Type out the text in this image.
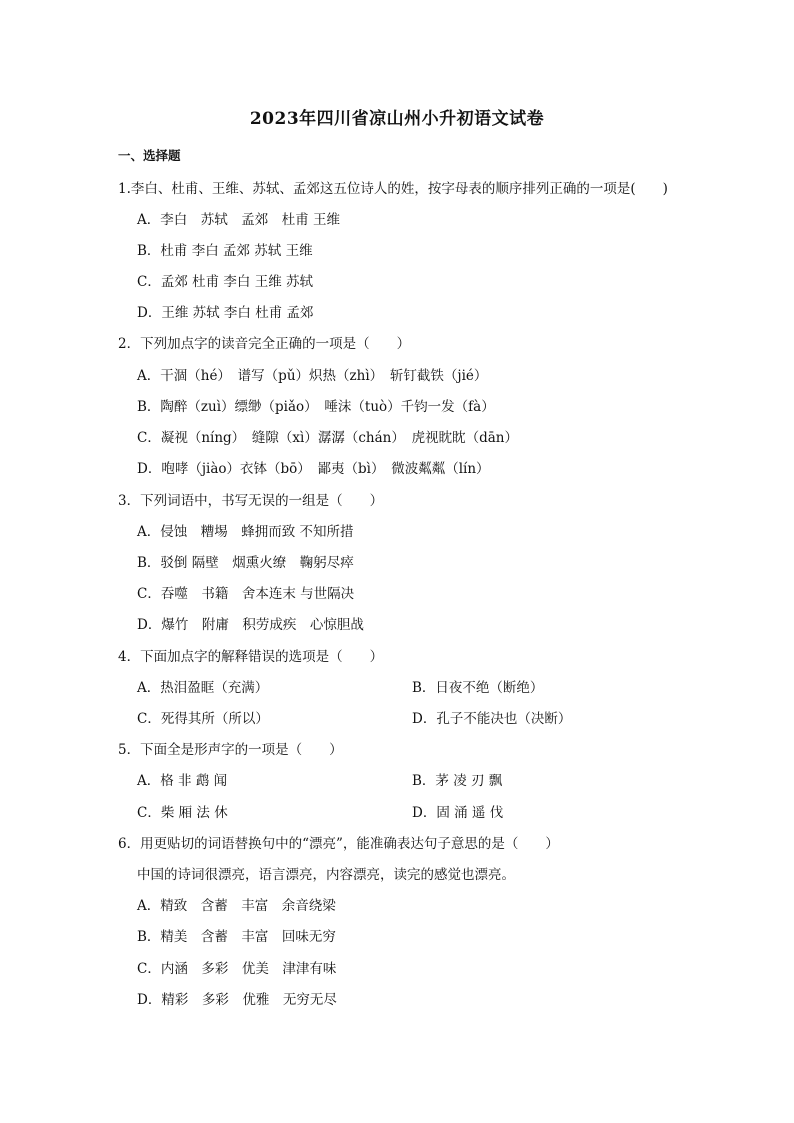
2023年四川省凉山州小升初语文试卷
一、选择题
1.李白、杜甫、王维、苏轼、孟郊这五位诗人的姓，按字母表的顺序排列正确的一项是(　　)
A．李白　苏轼　孟郊　杜甫 王维
B．杜甫 李白 孟郊 苏轼 王维
C．孟郊 杜甫 李白 王维 苏轼
D．王维 苏轼 李白 杜甫 孟郊
2．下列加点字的读音完全正确的一项是（　　）
A．干涸（hé）　谱写（pǔ）炽热（zhì）　斩钉截铁（jié）
B．陶醉（zuì）缥缈（piǎo）　唾沫（tuò）千钧一发（fà）
C．凝视（níng）　缝隙（xì）潺潺（chán）　虎视眈眈（dān）
D．咆哮（jiào）衣钵（bō）　鄙夷（bì）　微波粼粼（lín）
3．下列词语中，书写无误的一组是（　　）
A．侵蚀　糟埸　蜂拥而致 不知所措
B．驳倒 隔壁　烟熏火缭　鞠躬尽瘁
C．吞噬　书籍　舍本连末 与世隔决
D．爆竹　附庸　积劳成疾　心惊胆战
4．下面加点字的解释错误的选项是（　　）
A．热泪盈眶（充满）	B．日夜不绝（断绝）
C．死得其所（所以）	D．孔子不能决也（决断）
5．下面全是形声字的一项是（　　）
A．格 非 鹉 闻	B．茅 凌 刃 飘
C．柴 厢 法 休	D．固 涌 遥 伐
6．用更贴切的词语替换句中的“漂亮”，能准确表达句子意思的是（　　）
中国的诗词很漂亮，语言漂亮，内容漂亮，读完的感觉也漂亮。
A．精致　含蓄　丰富　余音绕梁
B．精美　含蓄　丰富　回味无穷
C．内涵　多彩　优美　津津有味
D．精彩　多彩　优雅　无穷无尽
